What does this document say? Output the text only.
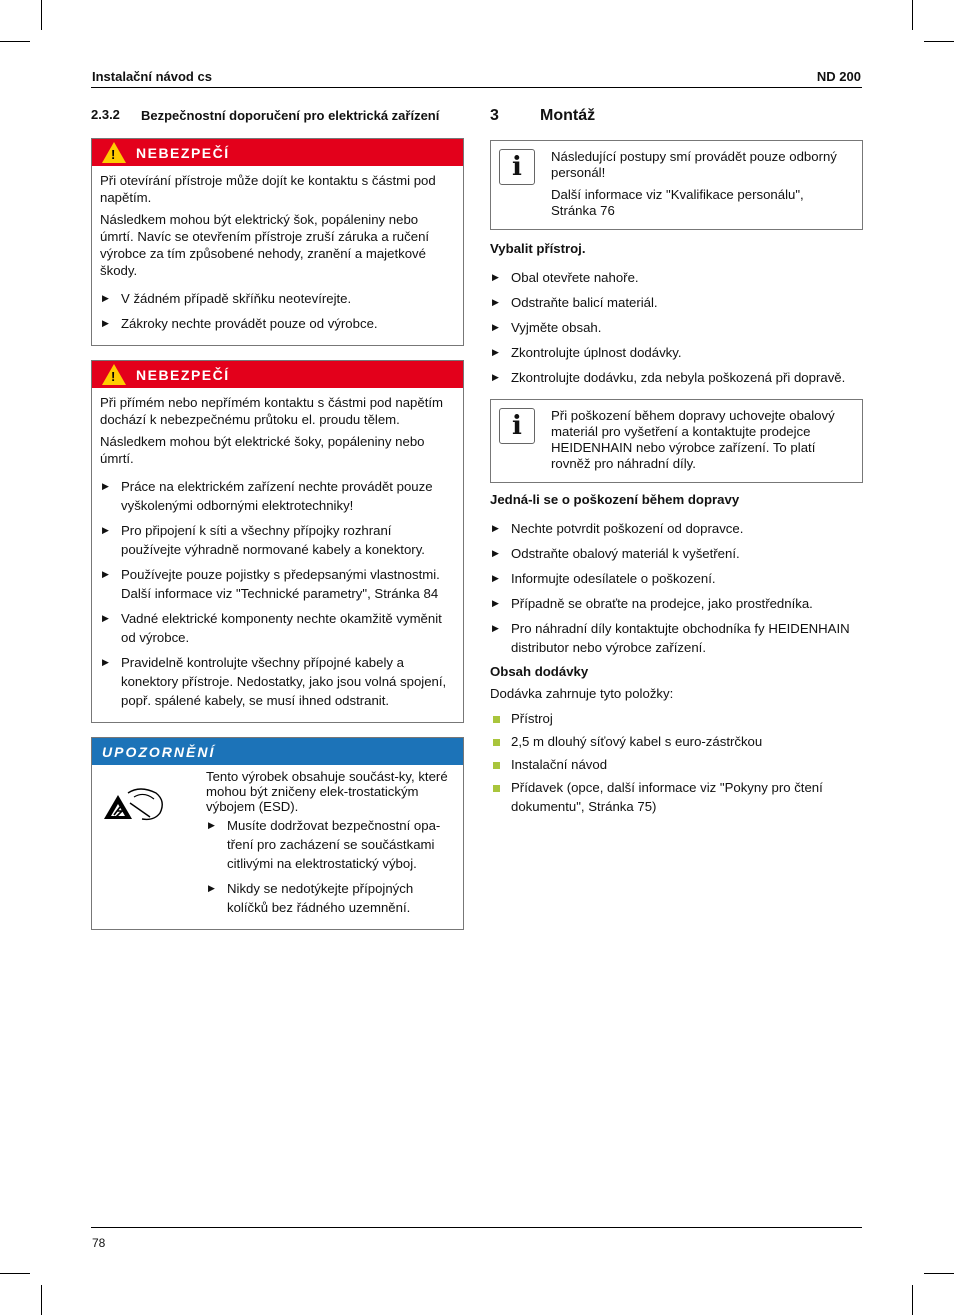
Instalační návod cs	ND 200
2.3.2 Bezpečnostní doporučení pro elektrická zařízení
! NEBEZPEČÍ

Při otevírání přístroje může dojít ke kontaktu s částmi pod napětím.

Následkem mohou být elektrický šok, popáleniny nebo úmrtí. Navíc se otevřením přístroje zruší záruka a ručení výrobce za tím způsobené nehody, zranění a majetkové škody.

▶ V žádném případě skříňku neotevírejte.
▶ Zákroky nechte provádět pouze od výrobce.
! NEBEZPEČÍ

Při přímém nebo nepřímém kontaktu s částmi pod napětím dochází k nebezpečnému průtoku el. proudu tělem.

Následkem mohou být elektrické šoky, popáleniny nebo úmrtí.

▶ Práce na elektrickém zařízení nechte provádět pouze vyškolenými odbornými elektrotechniky!
▶ Pro připojení k síti a všechny přípojky rozhraní používejte výhradně normované kabely a konektory.
▶ Používejte pouze pojistky s předepsanými vlastnostmi. Další informace viz "Technické parametry", Stránka 84
▶ Vadné elektrické komponenty nechte okamžitě vyměnit od výrobce.
▶ Pravidelně kontrolujte všechny přípojné kabely a konektory přístroje. Nedostatky, jako jsou volná spojení, popř. spálené kabely, se musí ihned odstranit.
UPOZORNĚNÍ
Tento výrobek obsahuje součást-ky, které mohou být zničeny elek-trostatickým výbojem (ESD).
▶ Musíte dodržovat bezpečnostní opa-tření pro zacházení se součástkami citlivými na elektrostatický výboj.
▶ Nikdy se nedotýkejte přípojných kolíčků bez řádného uzemnění.
3	Montáž
i	Následující postupy smí provádět pouze odborný personál!

Další informace viz "Kvalifikace personálu", Stránka 76

Vybalit přístroj.
▶ Obal otevřete nahoře.
▶ Odstraňte balicí materiál.
▶ Vyjměte obsah.
▶ Zkontrolujte úplnost dodávky.
▶ Zkontrolujte dodávku, zda nebyla poškozená při dopravě.
i	Při poškození během dopravy uchovejte obalový materiál pro vyšetření a kontaktujte prodejce HEIDENHAIN nebo výrobce zařízení. To platí rovněž pro náhradní díly.

Jedná-li se o poškození během dopravy
▶ Nechte potvrdit poškození od dopravce.
▶ Odstraňte obalový materiál k vyšetření.
▶ Informujte odesílatele o poškození.
▶ Případně se obraťte na prodejce, jako prostředníka.
▶ Pro náhradní díly kontaktujte obchodníka fy HEIDENHAIN distributor nebo výrobce zařízení.
Obsah dodávky
Dodávka zahrnuje tyto položky:
Přístroj
2,5 m dlouhý síťový kabel s euro-zástrčkou
Instalační návod
Přídavek (opce, další informace viz "Pokyny pro čtení dokumentu", Stránka 75)
78
